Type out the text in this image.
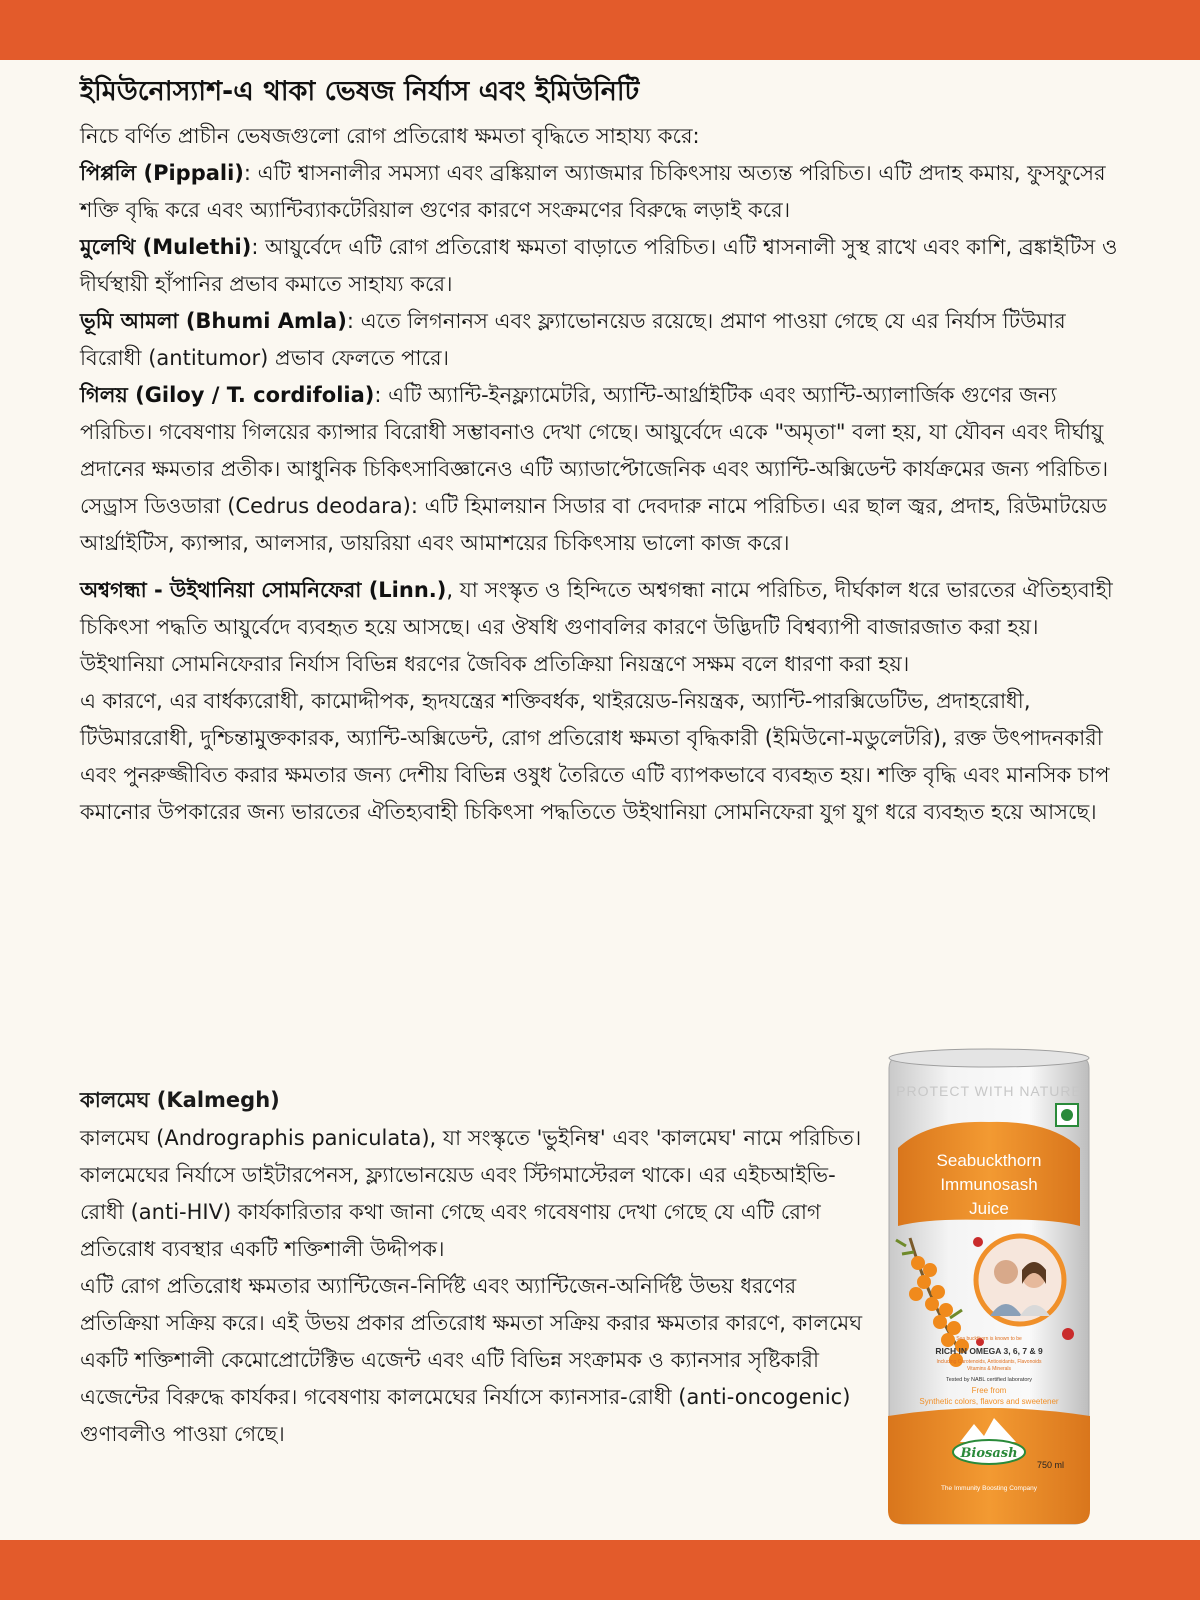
ইমিউনোস্যাশ-এ থাকা ভেষজ নির্যাস এবং ইমিউনিটি

নিচে বর্ণিত প্রাচীন ভেষজগুলো রোগ প্রতিরোধ ক্ষমতা বৃদ্ধিতে সাহায্য করে:

পিপ্পলি (Pippali): এটি শ্বাসনালীর সমস্যা এবং ব্রঙ্কিয়াল অ্যাজমার চিকিৎসায় অত্যন্ত পরিচিত। এটি প্রদাহ কমায়, ফুসফুসের শক্তি বৃদ্ধি করে এবং অ্যান্টিব্যাকটেরিয়াল গুণের কারণে সংক্রমণের বিরুদ্ধে লড়াই করে।

মুলেথি (Mulethi): আয়ুর্বেদে এটি রোগ প্রতিরোধ ক্ষমতা বাড়াতে পরিচিত। এটি শ্বাসনালী সুস্থ রাখে এবং কাশি, ব্রঙ্কাইটিস ও দীর্ঘস্থায়ী হাঁপানির প্রভাব কমাতে সাহায্য করে।

ভূমি আমলা (Bhumi Amla): এতে লিগনানস এবং ফ্ল্যাভোনয়েড রয়েছে। প্রমাণ পাওয়া গেছে যে এর নির্যাস টিউমার বিরোধী (antitumor) প্রভাব ফেলতে পারে।

গিলয় (Giloy / T. cordifolia): এটি অ্যান্টি-ইনফ্ল্যামেটরি, অ্যান্টি-আর্থ্রাইটিক এবং অ্যান্টি-অ্যালার্জিক গুণের জন্য পরিচিত। গবেষণায় গিলয়ের ক্যান্সার বিরোধী সম্ভাবনাও দেখা গেছে। আয়ুর্বেদে একে "অমৃতা" বলা হয়, যা যৌবন এবং দীর্ঘায়ু প্রদানের ক্ষমতার প্রতীক। আধুনিক চিকিৎসাবিজ্ঞানেও এটি অ্যাডাপ্টোজেনিক এবং অ্যান্টি-অক্সিডেন্ট কার্যক্রমের জন্য পরিচিত।

সেড্রাস ডিওডারা (Cedrus deodara): এটি হিমালয়ান সিডার বা দেবদারু নামে পরিচিত। এর ছাল জ্বর, প্রদাহ, রিউমাটয়েড আর্থ্রাইটিস, ক্যান্সার, আলসার, ডায়রিয়া এবং আমাশয়ের চিকিৎসায় ভালো কাজ করে।

অশ্বগন্ধা - উইথানিয়া সোমনিফেরা (Linn.), যা সংস্কৃত ও হিন্দিতে অশ্বগন্ধা নামে পরিচিত, দীর্ঘকাল ধরে ভারতের ঐতিহ্যবাহী চিকিৎসা পদ্ধতি আয়ুর্বেদে ব্যবহৃত হয়ে আসছে। এর ঔষধি গুণাবলির কারণে উদ্ভিদটি বিশ্বব্যাপী বাজারজাত করা হয়। উইথানিয়া সোমনিফেরার নির্যাস বিভিন্ন ধরণের জৈবিক প্রতিক্রিয়া নিয়ন্ত্রণে সক্ষম বলে ধারণা করা হয়।

এ কারণে, এর বার্ধক্যরোধী, কামোদ্দীপক, হৃদযন্ত্রের শক্তিবর্ধক, থাইরয়েড-নিয়ন্ত্রক, অ্যান্টি-পারক্সিডেটিভ, প্রদাহরোধী, টিউমাররোধী, দুশ্চিন্তামুক্তকারক, অ্যান্টি-অক্সিডেন্ট, রোগ প্রতিরোধ ক্ষমতা বৃদ্ধিকারী (ইমিউনো-মডুলেটরি), রক্ত উৎপাদনকারী এবং পুনরুজ্জীবিত করার ক্ষমতার জন্য দেশীয় বিভিন্ন ওষুধ তৈরিতে এটি ব্যাপকভাবে ব্যবহৃত হয়। শক্তি বৃদ্ধি এবং মানসিক চাপ কমানোর উপকারের জন্য ভারতের ঐতিহ্যবাহী চিকিৎসা পদ্ধতিতে উইথানিয়া সোমনিফেরা যুগ যুগ ধরে ব্যবহৃত হয়ে আসছে।

কালমেঘ (Kalmegh)

কালমেঘ (Andrographis paniculata), যা সংস্কৃতে 'ভুইনিম্ব' এবং 'কালমেঘ' নামে পরিচিত। কালমেঘের নির্যাসে ডাইটারপেনস, ফ্ল্যাভোনয়েড এবং স্টিগমাস্টেরল থাকে। এর এইচআইভি-রোধী (anti-HIV) কার্যকারিতার কথা জানা গেছে এবং গবেষণায় দেখা গেছে যে এটি রোগ প্রতিরোধ ব্যবস্থার একটি শক্তিশালী উদ্দীপক।

এটি রোগ প্রতিরোধ ক্ষমতার অ্যান্টিজেন-নির্দিষ্ট এবং অ্যান্টিজেন-অনির্দিষ্ট উভয় ধরণের প্রতিক্রিয়া সক্রিয় করে। এই উভয় প্রকার প্রতিরোধ ক্ষমতা সক্রিয় করার ক্ষমতার কারণে, কালমেঘ একটি শক্তিশালী কেমোপ্রোটেক্টিভ এজেন্ট এবং এটি বিভিন্ন সংক্রামক ও ক্যানসার সৃষ্টিকারী এজেন্টের বিরুদ্ধে কার্যকর। গবেষণায় কালমেঘের নির্যাসে ক্যানসার-রোধী (anti-oncogenic) গুণাবলীও পাওয়া গেছে।

PROTECT WITH NATURE
Seabuckthorn
Immunosash
Juice
Sea buckthorn is known to be
RICH IN OMEGA 3, 6, 7 & 9
Including Carotenoids, Antioxidants, Flavonoids
Vitamins & Minerals
Tested by NABL certified laboratory
Free from
Synthetic colors, flavors and sweetener
Biosash
750 ml
The Immunity Boosting Company
